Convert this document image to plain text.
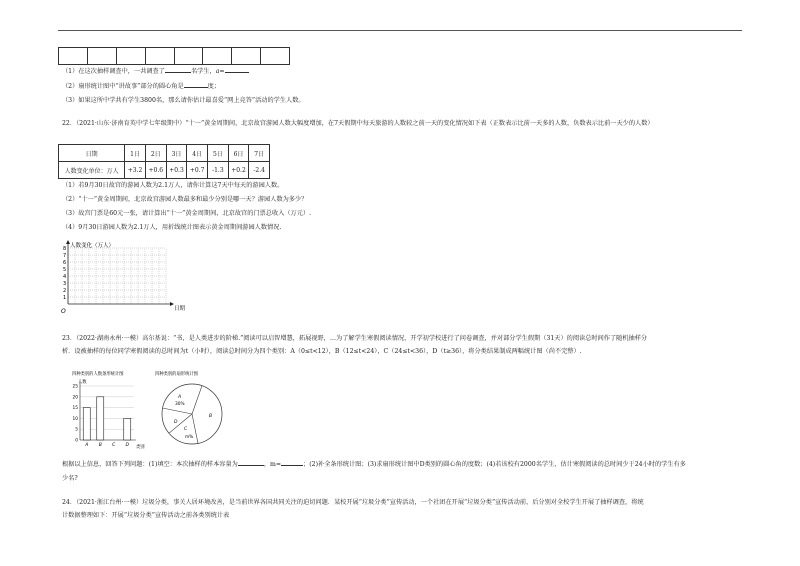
（1）在这次抽样调查中，一共调查了	名学生，a=
（2）扇形统计图中“讲故事”部分的圆心角是	度；
（3）如果这所中学共有学生3800名，那么请你估计最喜爱“网上竞答”活动的学生人数。
22．（2021·山东·济南育英中学七年级期中）“十一”黄金周期间，北京故宫游园人数大幅度增加，在7天假期中每天旅游的人数较之前一天的变化情况如下表（正数表示比前一天多的人数，负数表示比前一天少的人数）
日期	1日	2日	3日	4日	5日	6日	7日
人数变化单位：万人	+3.2	+0.6	+0.3	+0.7	-1.3	+0.2	-2.4
（1）若9月30日故宫的游园人数为2.1万人，请你计算这7天中每天的游园人数。
（2）“十一”黄金周期间，北京故宫游园人数最多和最少分别是哪一天？游园人数为多少？
（3）故宫门票是60元一张，请计算出“十一”黄金周期间，北京故宫的门票总收入（万元）.
（4）9月30日游园人数为2.1万人，用折线统计图表示黄金周期间游园人数情况.
人数变化（万人）
日期
O
1
2
3
4
5
6
7
8
23．（2022·湖南永州·一模）高尔基说：“书，是人类进步的阶梯.”阅读可以启智增慧，拓展视野，…为了解学生寒假阅读情况，开学初学校进行了问卷调查，并对部分学生假期（31天）的阅读总时间作了随机抽样分
析．设被抽样的每位同学寒假阅读的总时间为t（小时），阅读总时间分为四个类别：A（0≤t<12），B（12≤t<24），C（24≤t<36），D（t≥36），将分类结果制成两幅统计图（尚不完整）.
四种类别的人数条形统计图
人数
0
5
10
15
20
25
A B C D 类别
四种类别的扇形统计图
A
30%
B
C
m%
D
根据以上信息，回答下列问题：(1)填空：本次抽样的样本容量为	，m=	；(2)补全条形统计图；(3)求扇形统计图中D类别的圆心角的度数；(4)若该校有2000名学生，估计寒假阅读的总时间少于24小时的学生有多
少名?
24．（2021·浙江台州·一模）垃圾分类，事关人居环境改善，是当前世界各国共同关注的迫切问题．某校开展“垃圾分类”宣传活动，一个社团在开展“垃圾分类”宣传活动前、后分别对全校学生开展了抽样调查，将统
计数据整理如下：开展“垃圾分类”宣传活动之前各类别统计表
